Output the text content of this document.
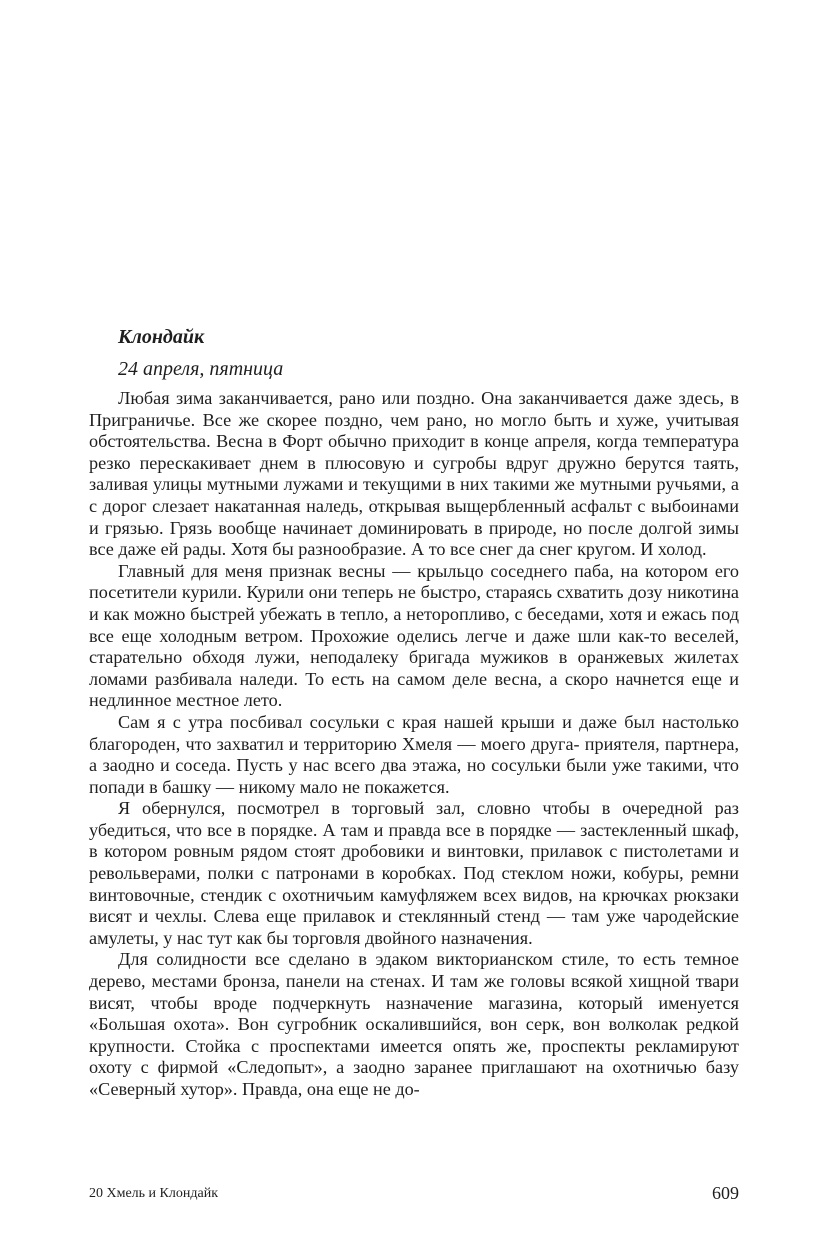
Клондайк
24 апреля, пятница

Любая зима заканчивается, рано или поздно. Она заканчивается даже здесь, в Приграничье. Все же скорее поздно, чем рано, но могло быть и хуже, учитывая обстоятельства. Весна в Форт обычно приходит в конце апреля, когда температура резко перескакивает днем в плюсовую и сугробы вдруг дружно берутся таять, заливая улицы мутными лужами и текущими в них такими же мутными ручьями, а с дорог слезает накатанная наледь, открывая выщербленный асфальт с выбоинами и грязью. Грязь вообще начинает доминировать в природе, но после долгой зимы все даже ей рады. Хотя бы разнообразие. А то все снег да снег кругом. И холод.

Главный для меня признак весны — крыльцо соседнего паба, на котором его посетители курили. Курили они теперь не быстро, стараясь схватить дозу никотина и как можно быстрей убежать в тепло, а неторопливо, с беседами, хотя и ежась под все еще холодным ветром. Прохожие оделись легче и даже шли как-то веселей, старательно обходя лужи, неподалеку бригада мужиков в оранжевых жилетах ломами разбивала наледи. То есть на самом деле весна, а скоро начнется еще и недлинное местное лето.

Сам я с утра посбивал сосульки с края нашей крыши и даже был настолько благороден, что захватил и территорию Хмеля — моего друга- приятеля, партнера, а заодно и соседа. Пусть у нас всего два этажа, но сосульки были уже такими, что попади в башку — никому мало не покажется.

Я обернулся, посмотрел в торговый зал, словно чтобы в очередной раз убедиться, что все в порядке. А там и правда все в порядке — застекленный шкаф, в котором ровным рядом стоят дробовики и винтовки, прилавок с пистолетами и револьверами, полки с патронами в коробках. Под стеклом ножи, кобуры, ремни винтовочные, стендик с охотничьим камуфляжем всех видов, на крючках рюкзаки висят и чехлы. Слева еще прилавок и стеклянный стенд — там уже чародейские амулеты, у нас тут как бы торговля двойного назначения.

Для солидности все сделано в эдаком викторианском стиле, то есть темное дерево, местами бронза, панели на стенах. И там же головы всякой хищной твари висят, чтобы вроде подчеркнуть назначение магазина, который именуется «Большая охота». Вон сугробник оскалившийся, вон серк, вон волколак редкой крупности. Стойка с проспектами имеется опять же, проспекты рекламируют охоту с фирмой «Следопыт», а заодно заранее приглашают на охотничью базу «Северный хутор». Правда, она еще не до-

20 Хмель и Клондайк	609
